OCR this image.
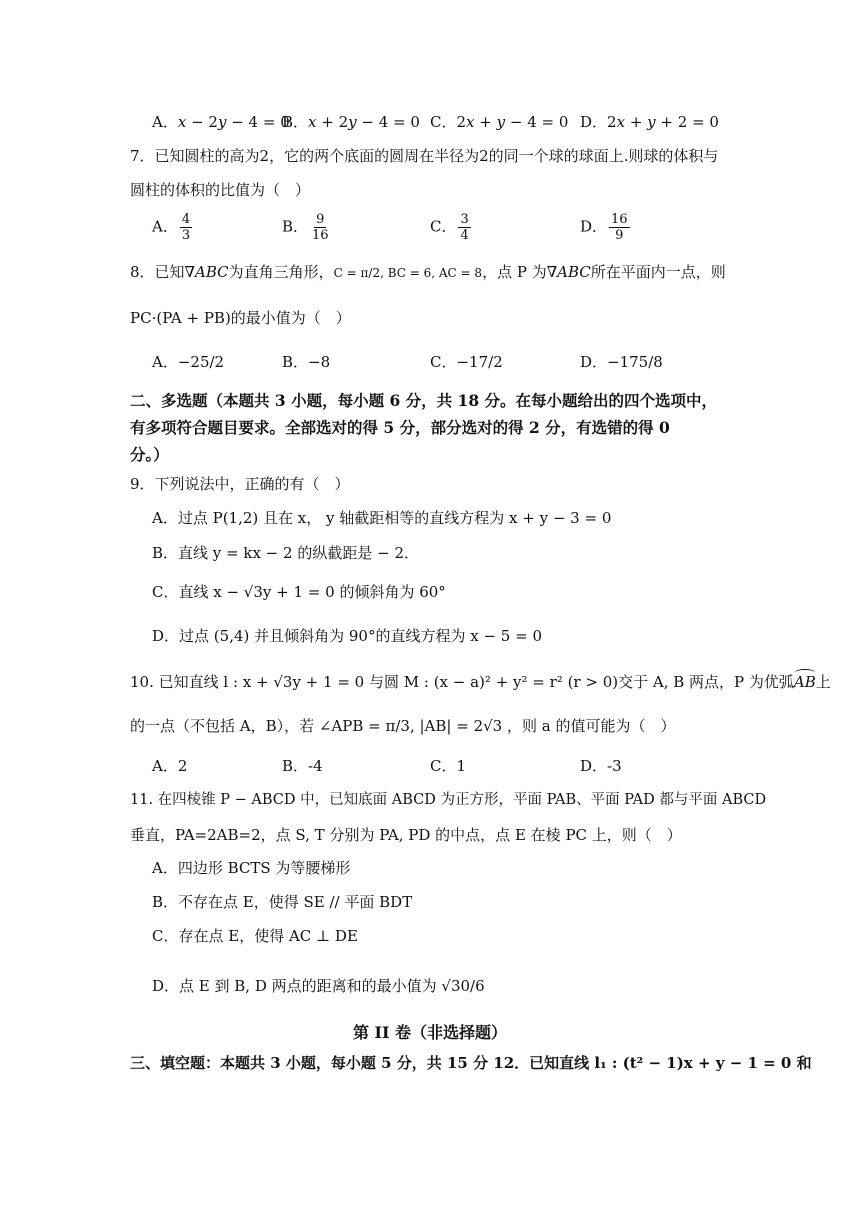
A．x − 2y − 4 = 0
B．x + 2y − 4 = 0 C．2x + y − 4 = 0 D．2x + y + 2 = 0
7．已知圆柱的高为2，它的两个底面的圆周在半径为2的同一个球的球面上.则球的体积与
圆柱的体积的比值为（　）
A． $\frac{4}{3}$	B． $\frac{9}{16}$	C． $\frac{3}{4}$	D． $\frac{16}{9}$
8．已知∇ABC为直角三角形，C = π/2, BC = 6, AC = 8，点 P 为∇ABC所在平面内一点，则
PC·(PA + PB)的最小值为（　）
A．−25/2	B．−8	C．−17/2	D．−175/8
二、多选题（本题共 3 小题，每小题 6 分，共 18 分。在每小题给出的四个选项中，
有多项符合题目要求。全部选对的得 5 分，部分选对的得 2 分，有选错的得 0
分。）
9．下列说法中，正确的有（　）
A．过点 P(1,2) 且在 x， y 轴截距相等的直线方程为 x + y − 3 = 0
B．直线 y = kx − 2 的纵截距是 − 2．
C．直线 x − √3y + 1 = 0 的倾斜角为 60°
D．过点 (5,4) 并且倾斜角为 90°的直线方程为 x − 5 = 0
10. 已知直线 l : x + √3y + 1 = 0 与圆 M : (x − a)² + y² = r² (r > 0)交于 A, B 两点，P 为优弧AB上
的一点（不包括 A，B），若 ∠APB = π/3, |AB| = 2√3 ，则 a 的值可能为（　）
A．2	B．-4	C．1	D．-3
11. 在四棱锥 P − ABCD 中，已知底面 ABCD 为正方形，平面 PAB、平面 PAD 都与平面 ABCD
垂直，PA=2AB=2，点 S, T 分别为 PA, PD 的中点，点 E 在棱 PC 上，则（　）
A．四边形 BCTS 为等腰梯形
B．不存在点 E，使得 SE // 平面 BDT
C．存在点 E，使得 AC ⊥ DE
D．点 E 到 B, D 两点的距离和的最小值为 √30/6
第 II 卷（非选择题）
三、填空题：本题共 3 小题，每小题 5 分，共 15 分 12．已知直线 l₁ : (t² − 1)x + y − 1 = 0 和
